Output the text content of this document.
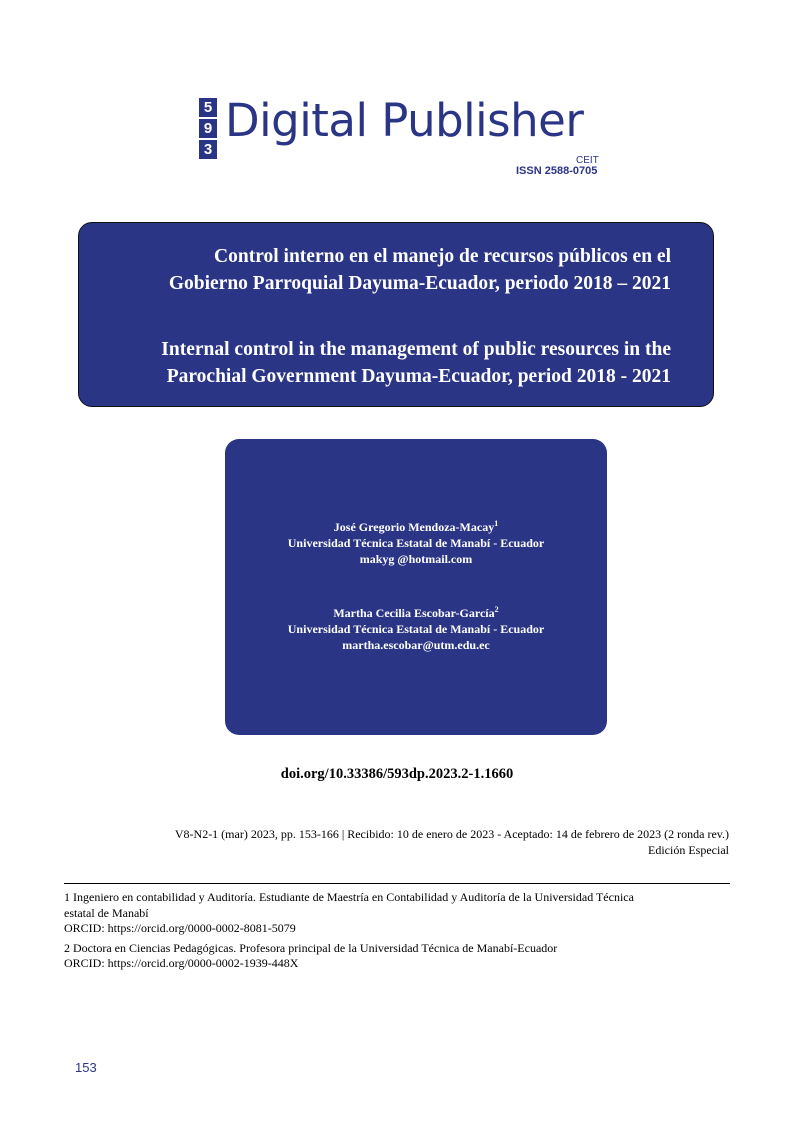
5
9
3
Digital Publisher
CEIT
ISSN 2588-0705
Control interno en el manejo de recursos públicos en el
Gobierno Parroquial Dayuma-Ecuador, periodo 2018 – 2021
Internal control in the management of public resources in the
Parochial Government Dayuma-Ecuador, period 2018 - 2021
José Gregorio Mendoza-Macay$^1$
Universidad Técnica Estatal de Manabí - Ecuador
makyg @hotmail.com
Martha Cecilia Escobar-García$^2$
Universidad Técnica Estatal de Manabí - Ecuador
martha.escobar@utm.edu.ec
doi.org/10.33386/593dp.2023.2-1.1660
V8-N2-1 (mar) 2023, pp. 153-166 | Recibido: 10 de enero de 2023 - Aceptado: 14 de febrero de 2023 (2 ronda rev.)
Edición Especial

1 Ingeniero en contabilidad y Auditoría. Estudiante de Maestría en Contabilidad y Auditoría de la Universidad Técnica

estatal de Manabí

ORCID: https://orcid.org/0000-0002-8081-5079

2 Doctora en Ciencias Pedagógicas. Profesora principal de la Universidad Técnica de Manabí-Ecuador

ORCID: https://orcid.org/0000-0002-1939-448X

153
